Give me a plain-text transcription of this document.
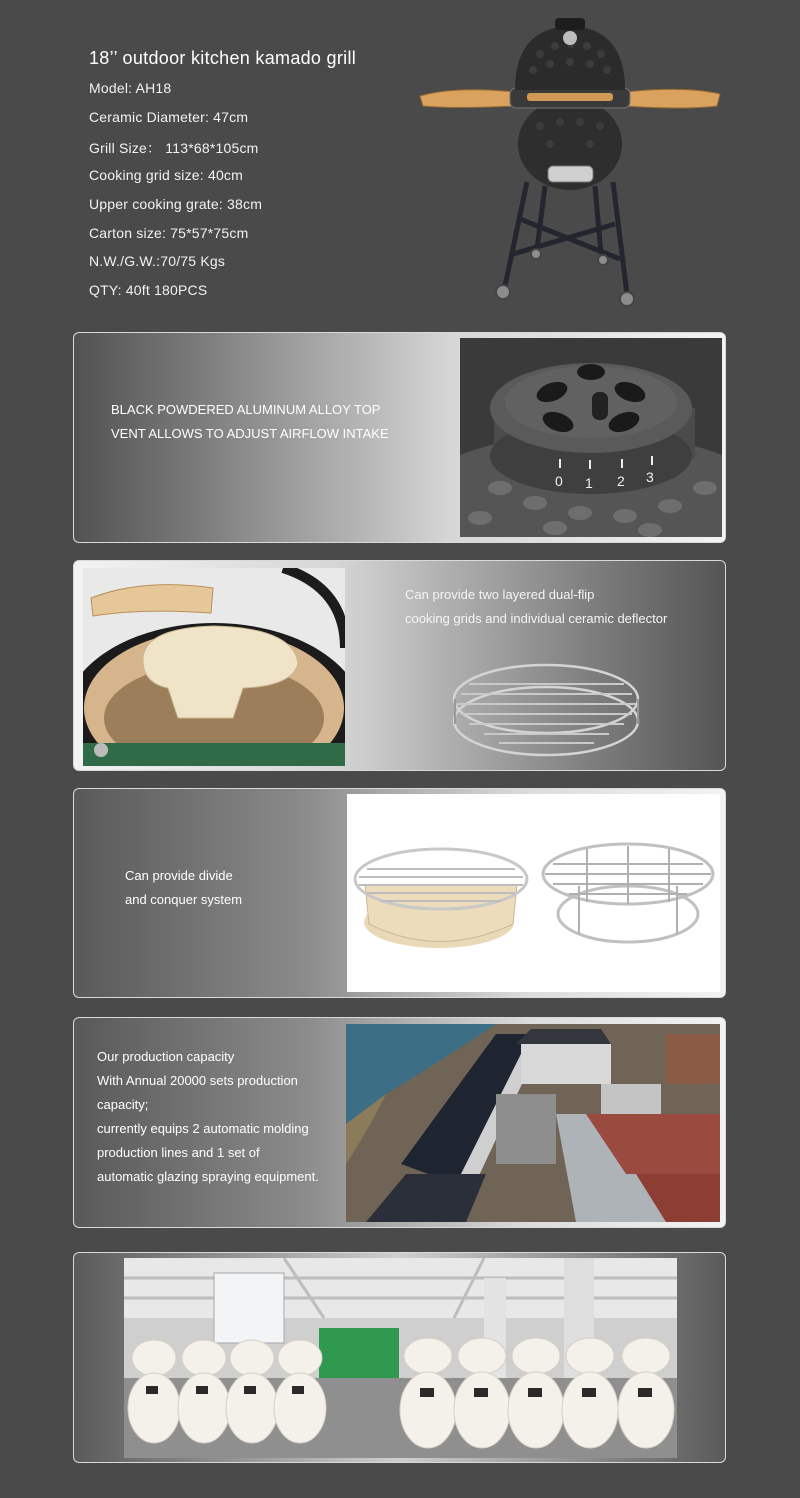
18’’ outdoor kitchen kamado grill
Model: AH18
Ceramic Diameter: 47cm
Grill Size： 113*68*105cm
Cooking grid size: 40cm
Upper cooking grate: 38cm
Carton size: 75*57*75cm
N.W./G.W.:70/75 Kgs
QTY: 40ft 180PCS
BLACK POWDERED ALUMINUM ALLOY TOP
VENT ALLOWS TO ADJUST AIRFLOW INTAKE
0 1 2 3
Can provide two layered dual-flip
cooking grids and individual ceramic deflector
Can provide divide
and conquer system
Our production capacity
With Annual 20000 sets production
capacity;
currently equips 2 automatic molding
production lines and 1 set of
automatic glazing spraying equipment.
